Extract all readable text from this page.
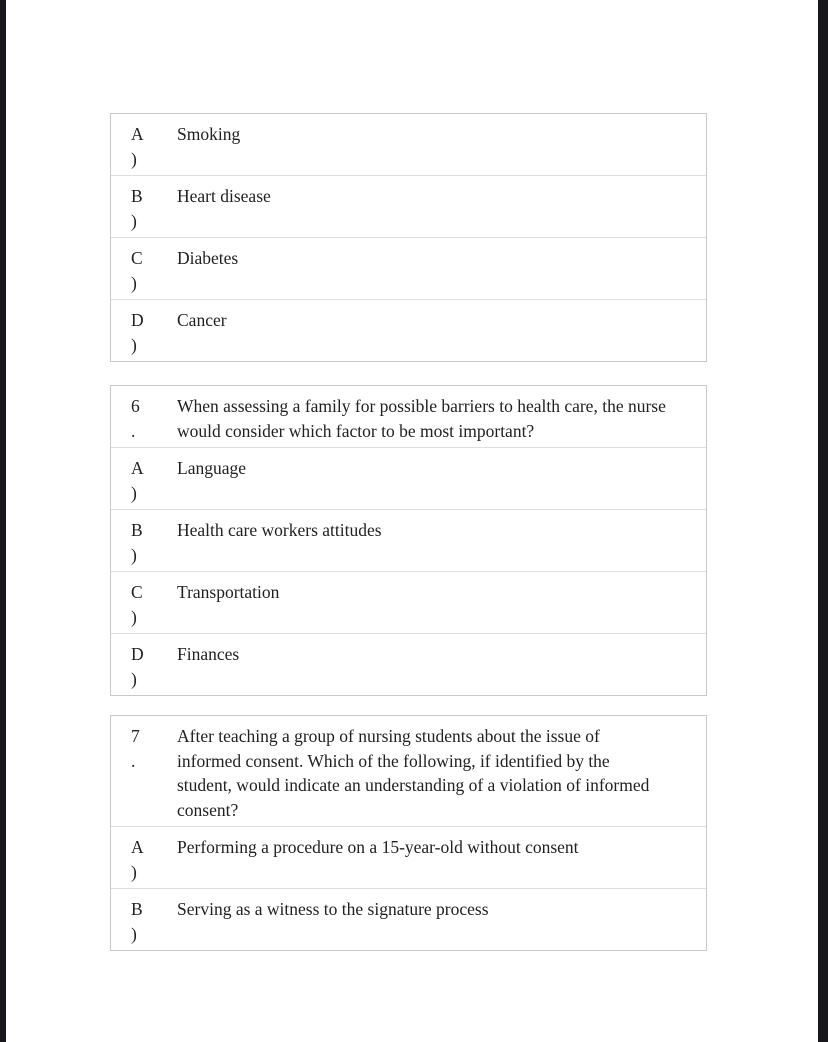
A
)
Smoking
B
)
Heart disease
C
)
Diabetes
D
)
Cancer
6
.
When assessing a family for possible barriers to health care, the nurse would consider which factor to be most important?
A
)
Language
B
)
Health care workers attitudes
C
)
Transportation
D
)
Finances
7
.
After teaching a group of nursing students about the issue of informed consent. Which of the following, if identified by the student, would indicate an understanding of a violation of informed consent?
A
)
Performing a procedure on a 15-year-old without consent
B
)
Serving as a witness to the signature process
